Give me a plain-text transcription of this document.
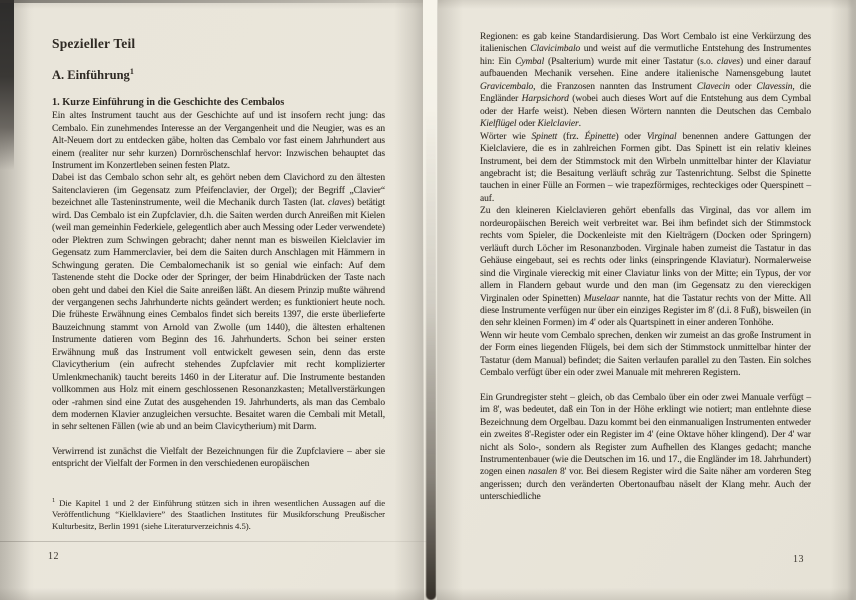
Spezieller Teil
A. Einführung$^1$
1. Kurze Einführung in die Geschichte des Cembalos

Ein altes Instrument taucht aus der Geschichte auf und ist insofern recht jung: das Cembalo. Ein zunehmendes Interesse an der Vergangenheit und die Neugier, was es an Alt-Neuem dort zu entdecken gäbe, holten das Cembalo vor fast einem Jahrhundert aus einem (realiter nur sehr kurzen) Dornröschenschlaf hervor: Inzwischen behauptet das Instrument im Konzertleben seinen festen Platz.

Dabei ist das Cembalo schon sehr alt, es gehört neben dem Clavichord zu den ältesten Saitenclavieren (im Gegensatz zum Pfeifenclavier, der Orgel); der Begriff „Clavier“ bezeichnet alle Tasteninstrumente, weil die Mechanik durch Tasten (lat. claves) betätigt wird. Das Cembalo ist ein Zupfclavier, d.h. die Saiten werden durch Anreißen mit Kielen (weil man gemeinhin Federkiele, gelegentlich aber auch Messing oder Leder verwendete) oder Plektren zum Schwingen gebracht; daher nennt man es bisweilen Kielclavier im Gegensatz zum Hammerclavier, bei dem die Saiten durch Anschlagen mit Hämmern in Schwingung geraten. Die Cembalomechanik ist so genial wie einfach: Auf dem Tastenende steht die Docke oder der Springer, der beim Hinabdrücken der Taste nach oben geht und dabei den Kiel die Saite anreißen läßt. An diesem Prinzip mußte während der vergangenen sechs Jahrhunderte nichts geändert werden; es funktioniert heute noch. Die früheste Erwähnung eines Cembalos findet sich bereits 1397, die erste überlieferte Bauzeichnung stammt von Arnold van Zwolle (um 1440), die ältesten erhaltenen Instrumente datieren vom Beginn des 16. Jahrhunderts. Schon bei seiner ersten Erwähnung muß das Instrument voll entwickelt gewesen sein, denn das erste Clavicytherium (ein aufrecht stehendes Zupfclavier mit recht komplizierter Umlenkmechanik) taucht bereits 1460 in der Literatur auf. Die Instrumente bestanden vollkommen aus Holz mit einem geschlossenen Resonanzkasten; Metallverstärkungen oder -rahmen sind eine Zutat des ausgehenden 19. Jahrhunderts, als man das Cembalo dem modernen Klavier anzugleichen versuchte. Besaitet waren die Cembali mit Metall, in sehr seltenen Fällen (wie ab und an beim Clavicytherium) mit Darm.

Verwirrend ist zunächst die Vielfalt der Bezeichnungen für die Zupfclaviere – aber sie entspricht der Vielfalt der Formen in den verschiedenen europäischen

$^1$ Die Kapitel 1 und 2 der Einführung stützen sich in ihren wesentlichen Aussagen auf die Veröffentlichung “Kielklaviere” des Staatlichen Institutes für Musikforschung Preußischer Kulturbesitz, Berlin 1991 (siehe Literaturverzeichnis 4.5).

Regionen: es gab keine Standardisierung. Das Wort Cembalo ist eine Verkürzung des italienischen Clavicimbalo und weist auf die vermutliche Entstehung des Instrumentes hin: Ein Cymbal (Psalterium) wurde mit einer Tastatur (s.o. claves) und einer darauf aufbauenden Mechanik versehen. Eine andere italienische Namensgebung lautet Gravicembalo, die Franzosen nannten das Instrument Clavecin oder Clavessin, die Engländer Harpsichord (wobei auch dieses Wort auf die Entstehung aus dem Cymbal oder der Harfe weist). Neben diesen Wörtern nannten die Deutschen das Cembalo Kielflügel oder Kielclavier.

Wörter wie Spinett (frz. Épinette) oder Virginal benennen andere Gattungen der Kielclaviere, die es in zahlreichen Formen gibt. Das Spinett ist ein relativ kleines Instrument, bei dem der Stimmstock mit den Wirbeln unmittelbar hinter der Klaviatur angebracht ist; die Besaitung verläuft schräg zur Tastenrichtung. Selbst die Spinette tauchen in einer Fülle an Formen – wie trapezförmiges, rechteckiges oder Querspinett – auf.

Zu den kleineren Kielclavieren gehört ebenfalls das Virginal, das vor allem im nordeuropäischen Bereich weit verbreitet war. Bei ihm befindet sich der Stimmstock rechts vom Spieler, die Dockenleiste mit den Kielträgern (Docken oder Springern) verläuft durch Löcher im Resonanzboden. Virginale haben zumeist die Tastatur in das Gehäuse eingebaut, sei es rechts oder links (einspringende Klaviatur). Normalerweise sind die Virginale viereckig mit einer Claviatur links von der Mitte; ein Typus, der vor allem in Flandern gebaut wurde und den man (im Gegensatz zu den viereckigen Virginalen oder Spinetten) Muselaar nannte, hat die Tastatur rechts von der Mitte. All diese Instrumente verfügen nur über ein einziges Register im 8' (d.i. 8 Fuß), bisweilen (in den sehr kleinen Formen) im 4' oder als Quartspinett in einer anderen Tonhöhe.

Wenn wir heute vom Cembalo sprechen, denken wir zumeist an das große Instrument in der Form eines liegenden Flügels, bei dem sich der Stimmstock unmittelbar hinter der Tastatur (dem Manual) befindet; die Saiten verlaufen parallel zu den Tasten. Ein solches Cembalo verfügt über ein oder zwei Manuale mit mehreren Registern.

Ein Grundregister steht – gleich, ob das Cembalo über ein oder zwei Manuale verfügt – im 8', was bedeutet, daß ein Ton in der Höhe erklingt wie notiert; man entlehnte diese Bezeichnung dem Orgelbau. Dazu kommt bei den einmanualigen Instrumenten entweder ein zweites 8'-Register oder ein Register im 4' (eine Oktave höher klingend). Der 4' war nicht als Solo-, sondern als Register zum Aufhellen des Klanges gedacht; manche Instrumentenbauer (wie die Deutschen im 16. und 17., die Engländer im 18. Jahrhundert) zogen einen nasalen 8' vor. Bei diesem Register wird die Saite näher am vorderen Steg angerissen; durch den veränderten Obertonaufbau näselt der Klang mehr. Auch der unterschiedliche

12	13
